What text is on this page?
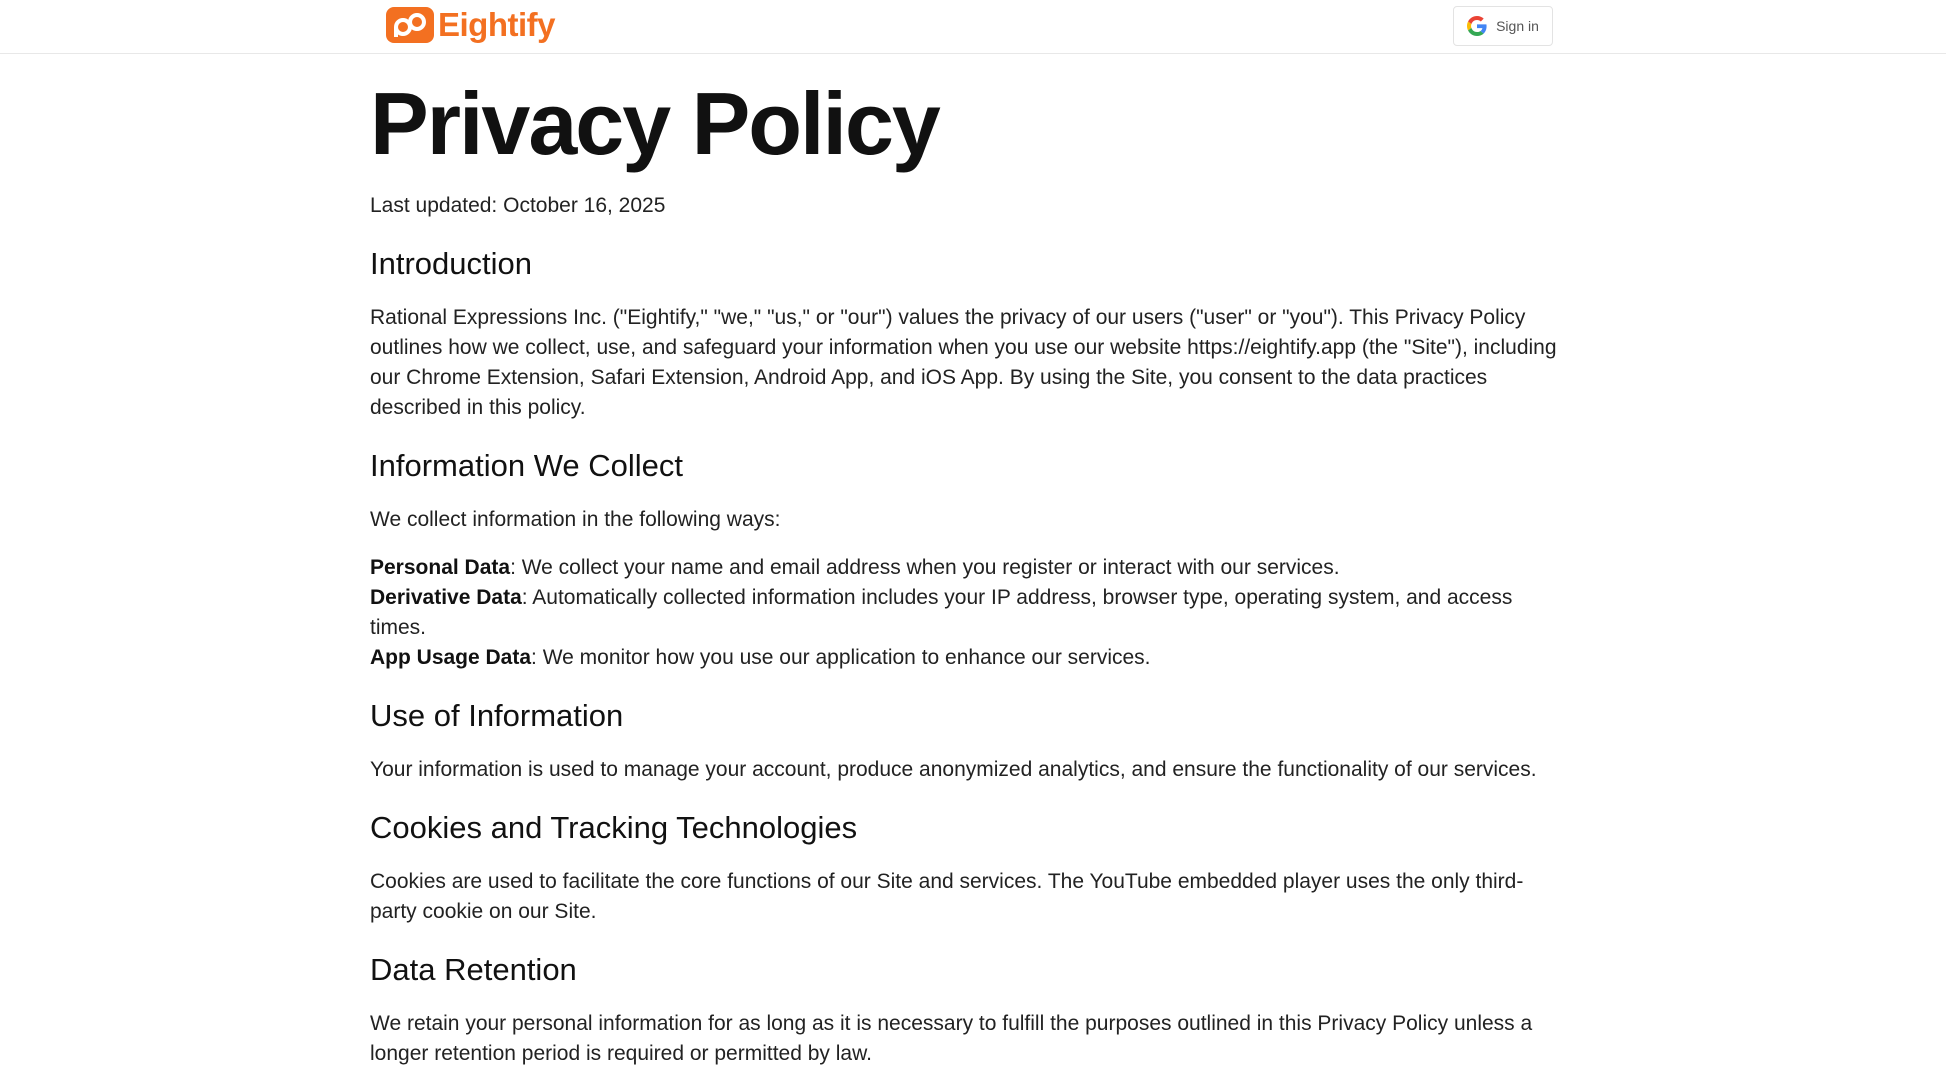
Eightify	Sign in
Privacy Policy

Last updated: October 16, 2025

Introduction

Rational Expressions Inc. ("Eightify," "we," "us," or "our") values the privacy of our users ("user" or "you"). This Privacy Policy outlines how we collect, use, and safeguard your information when you use our website https://eightify.app (the "Site"), including our Chrome Extension, Safari Extension, Android App, and iOS App. By using the Site, you consent to the data practices described in this policy.

Information We Collect

We collect information in the following ways:

Personal Data: We collect your name and email address when you register or interact with our services.
Derivative Data: Automatically collected information includes your IP address, browser type, operating system, and access times.
App Usage Data: We monitor how you use our application to enhance our services.
Use of Information

Your information is used to manage your account, produce anonymized analytics, and ensure the functionality of our services.

Cookies and Tracking Technologies

Cookies are used to facilitate the core functions of our Site and services. The YouTube embedded player uses the only third-party cookie on our Site.

Data Retention

We retain your personal information for as long as it is necessary to fulfill the purposes outlined in this Privacy Policy unless a longer retention period is required or permitted by law.
